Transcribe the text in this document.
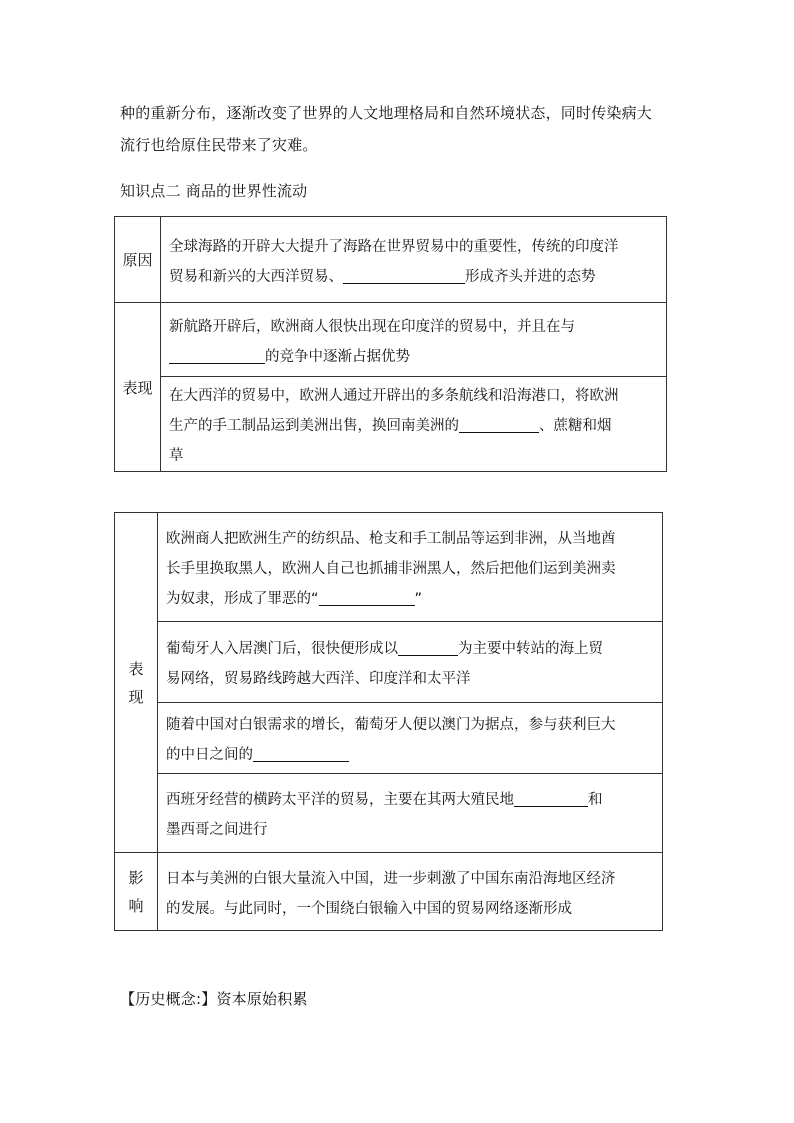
种的重新分布，逐渐改变了世界的人文地理格局和自然环境状态，同时传染病大
流行也给原住民带来了灾难。
知识点二 商品的世界性流动
原因	全球海路的开辟大大提升了海路在世界贸易中的重要性，传统的印度洋
贸易和新兴的大西洋贸易、 形成齐头并进的态势
表现	新航路开辟后，欧洲商人很快出现在印度洋的贸易中，并且在与
的竞争中逐渐占据优势
	在大西洋的贸易中，欧洲人通过开辟出的多条航线和沿海港口，将欧洲
生产的手工制品运到美洲出售，换回南美洲的 、蔗糖和烟
草
表
现	欧洲商人把欧洲生产的纺织品、枪支和手工制品等运到非洲，从当地酋
长手里换取黑人，欧洲人自己也抓捕非洲黑人，然后把他们运到美洲卖
为奴隶，形成了罪恶的“ ”
	葡萄牙人入居澳门后，很快便形成以 为主要中转站的海上贸
易网络，贸易路线跨越大西洋、印度洋和太平洋
	随着中国对白银需求的增长，葡萄牙人便以澳门为据点，参与获利巨大
的中日之间的
	西班牙经营的横跨太平洋的贸易，主要在其两大殖民地 和
墨西哥之间进行

影
响	日本与美洲的白银大量流入中国，进一步刺激了中国东南沿海地区经济
的发展。与此同时，一个围绕白银输入中国的贸易网络逐渐形成
【历史概念:】资本原始积累
